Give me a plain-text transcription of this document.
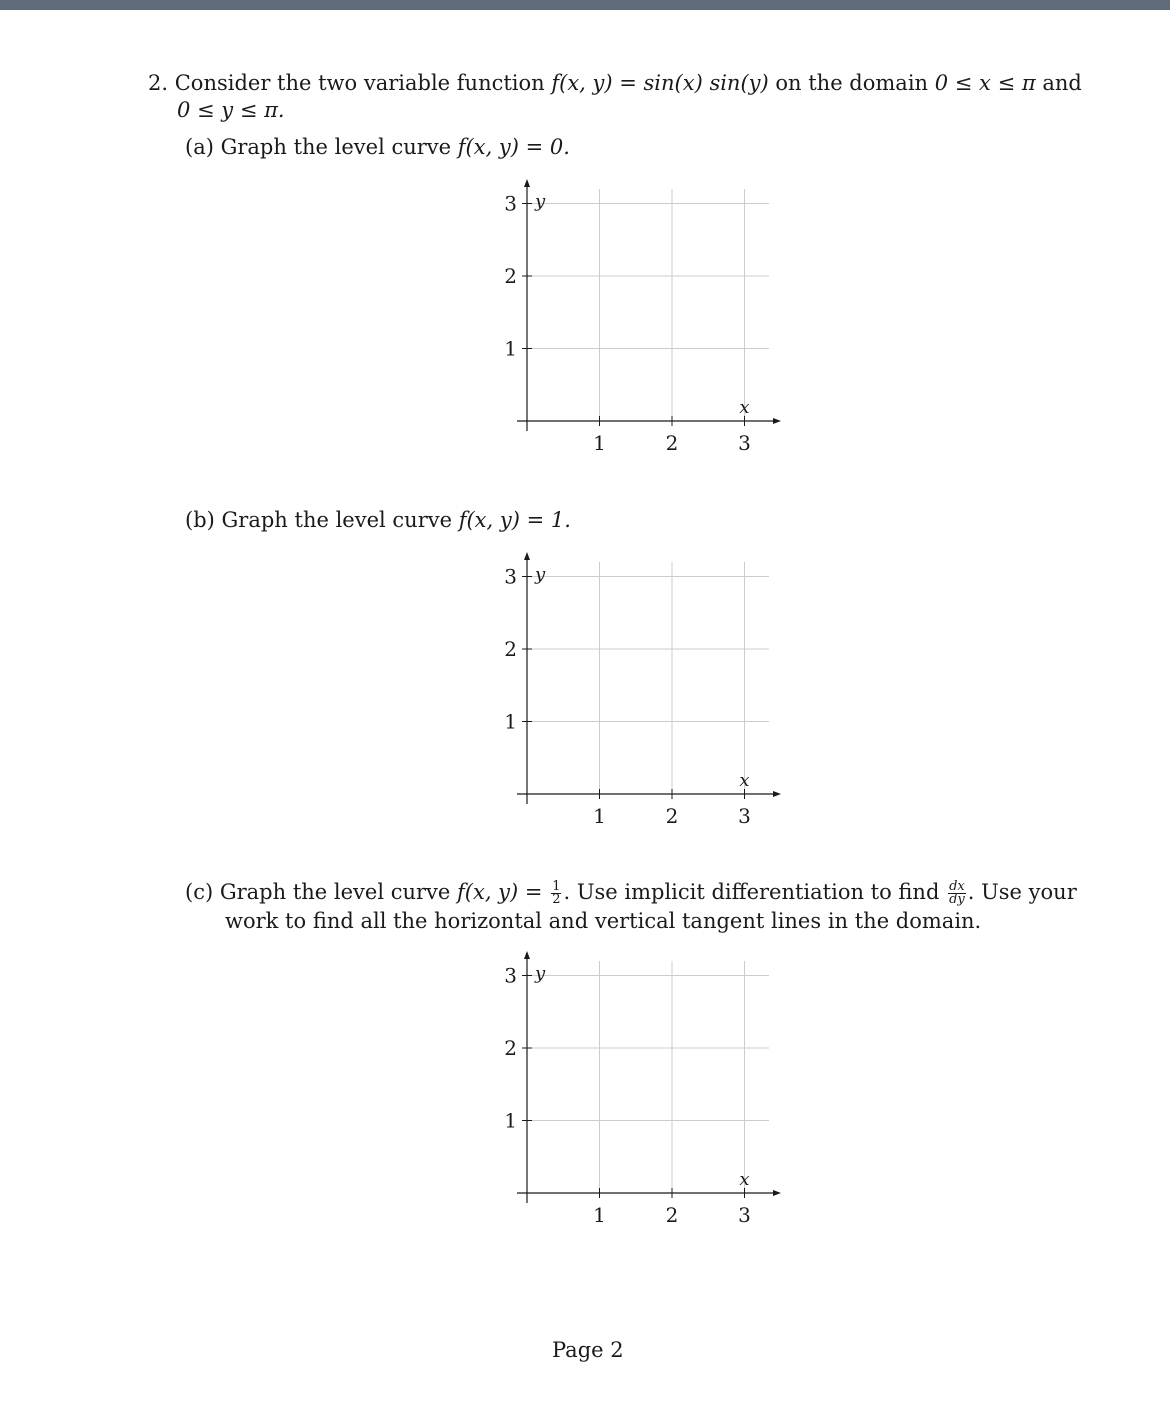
2. Consider the two variable function f(x, y) = sin(x) sin(y) on the domain 0 ≤ x ≤ π and
0 ≤ y ≤ π.
(a) Graph the level curve f(x, y) = 0.
1	2	3
1
2
3
x
y
(b) Graph the level curve f(x, y) = 1.
1	2	3
1
2
3
x
y
(c) Graph the level curve f(x, $y) = \frac{1}{2}$ . Use implicit differentiation to find $\frac{dx}{dy}$ . Use your
work to find all the horizontal and vertical tangent lines in the domain.
1	2	3
1
2
3
x
y
Page 2
